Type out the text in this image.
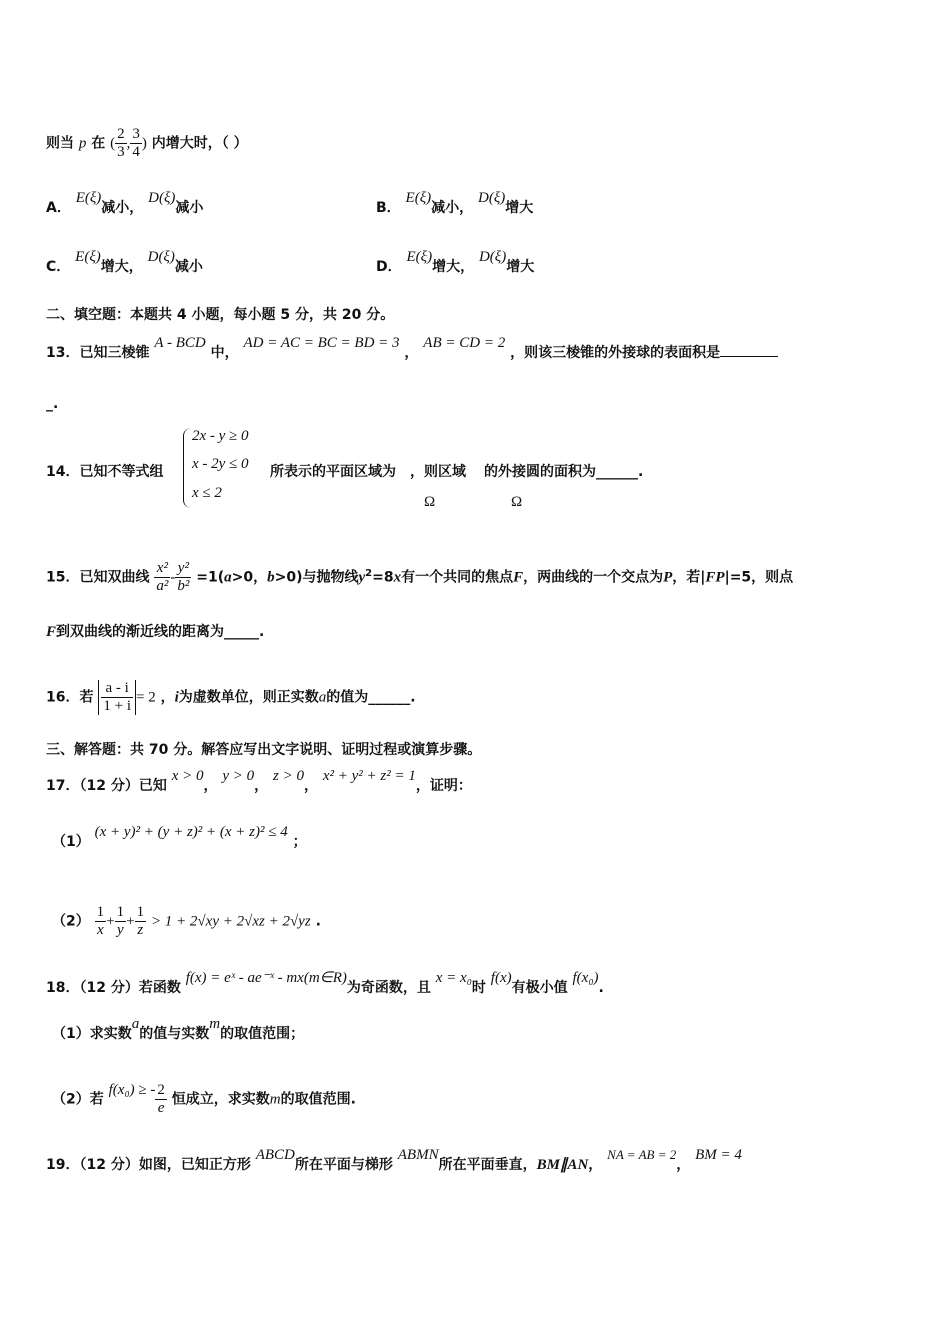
则当 p 在 ( $\frac{2}{3}$ , $\frac{3}{4}$ ) 内增大时，（ ）
A． E(ξ)减小， D(ξ)减小	B． E(ξ)减小， D(ξ)增大
C． E(ξ)增大， D(ξ)减小	D． E(ξ)增大， D(ξ)增大
二、填空题：本题共 4 小题，每小题 5 分，共 20 分。
13．已知三棱锥 A - BCD 中， AD = AC = BC = BD = 3 ， AB = CD = 2 ，则该三棱锥的外接球的表面积是
_.
14．已知不等式组
2x - y ≥ 0
x - 2y ≤ 0
x ≤ 2
所表示的平面区域为 ，则区域 的外接圆的面积为______.
Ω	Ω
15．已知双曲线 $\frac{\text{x²}}{\text{a²}} - \frac{\text{y²}}{\text{b²}} =1(a>0$，b>0)与抛物线$y^2=8x$有一个共同的焦点F，两曲线的一个交点为P，若|FP|=5，则点
F到双曲线的渐近线的距离为_____.
16．若 $\frac{a - i}{1 + i} = 2$ ，i为虚数单位，则正实数a的值为______.
三、解答题：共 70 分。解答应写出文字说明、证明过程或演算步骤。
17．（12 分）已知 x > 0， y > 0， z > 0， x² + y² + z² = 1，证明：
（1） (x + y)² + (y + z)² + (x + z)² ≤ 4 ；
$(2) \frac{1}{x} + \frac{1}{y} + \frac{1}{z} > 1 + 2√xy + 2√xz + 2√yz$ .
18．（12 分）若函数 f(x) = eˣ - ae⁻ˣ - mx(m∈R)为奇函数，且 x = x₀时 f(x)有极小值 f(x₀).
（1）求实数a的值与实数m的取值范围；
（2）若 f(x₀) ≥ - $\frac{2}{e}$ 恒成立，求实数m的取值范围.
19．（12 分）如图，已知正方形 ABCD所在平面与梯形 ABMN所在平面垂直，BM∥AN， NA = AB = 2， BM = 4
